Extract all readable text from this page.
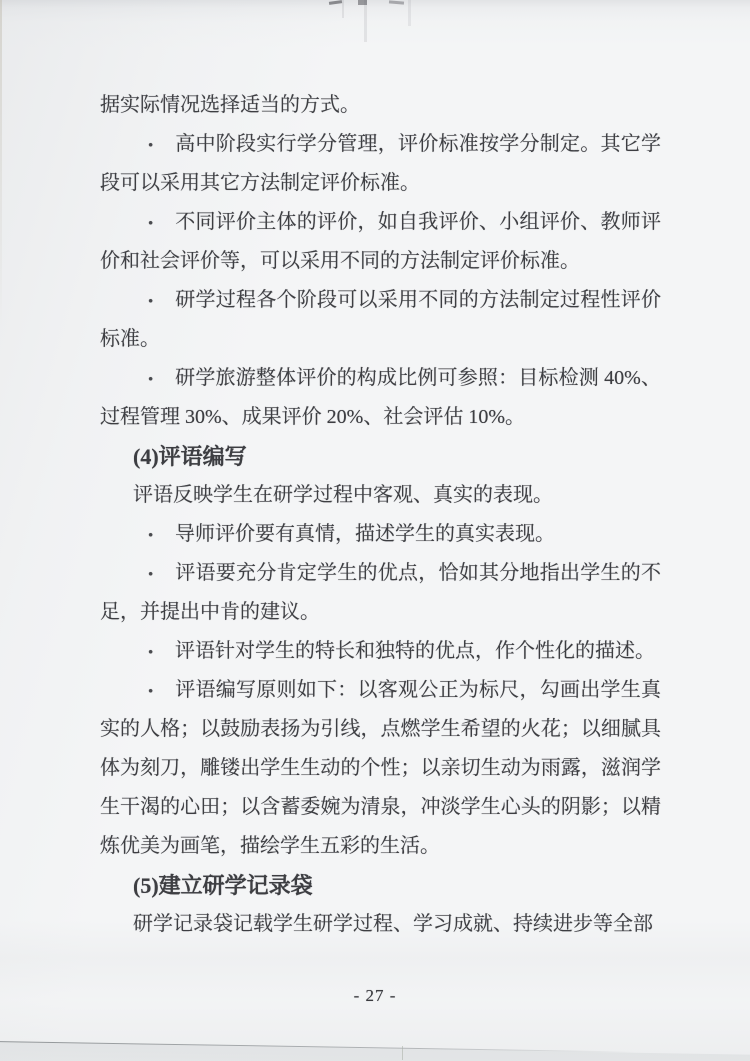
据实际情况选择适当的方式。
• 高中阶段实行学分管理，评价标准按学分制定。其它学
段可以采用其它方法制定评价标准。
• 不同评价主体的评价，如自我评价、小组评价、教师评
价和社会评价等，可以采用不同的方法制定评价标准。
• 研学过程各个阶段可以采用不同的方法制定过程性评价
标准。
• 研学旅游整体评价的构成比例可参照：目标检测 40%、
过程管理 30%、成果评价 20%、社会评估 10%。
(4)评语编写
评语反映学生在研学过程中客观、真实的表现。
• 导师评价要有真情，描述学生的真实表现。
• 评语要充分肯定学生的优点，恰如其分地指出学生的不
足，并提出中肯的建议。
• 评语针对学生的特长和独特的优点，作个性化的描述。
• 评语编写原则如下：以客观公正为标尺，勾画出学生真
实的人格；以鼓励表扬为引线，点燃学生希望的火花；以细腻具
体为刻刀，雕镂出学生生动的个性；以亲切生动为雨露，滋润学
生干渴的心田；以含蓄委婉为清泉，冲淡学生心头的阴影；以精
炼优美为画笔，描绘学生五彩的生活。
(5)建立研学记录袋
研学记录袋记载学生研学过程、学习成就、持续进步等全部
- 27 -
